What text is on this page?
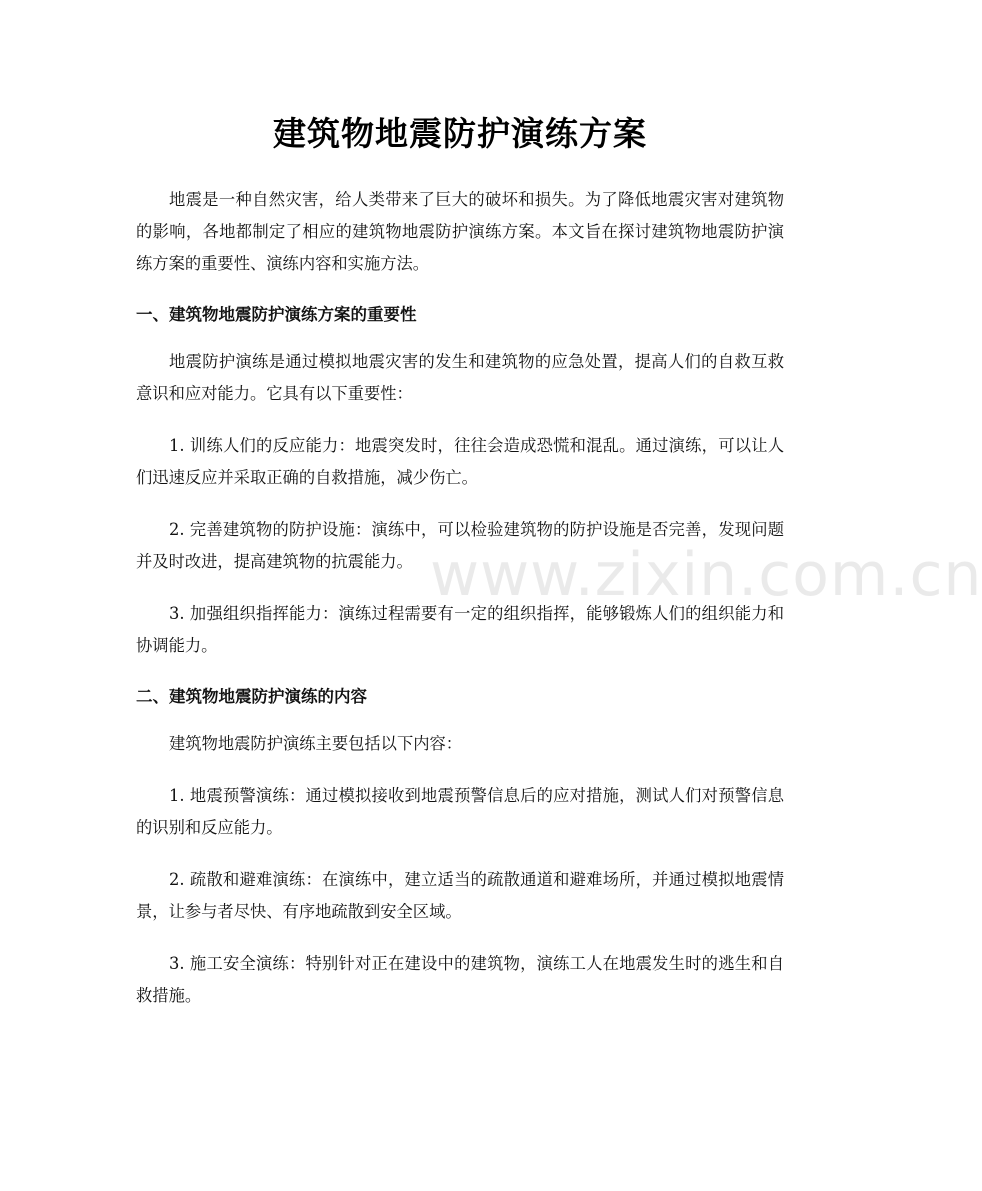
建筑物地震防护演练方案

地震是一种自然灾害，给人类带来了巨大的破坏和损失。为了降低地震灾害对建筑物的影响，各地都制定了相应的建筑物地震防护演练方案。本文旨在探讨建筑物地震防护演练方案的重要性、演练内容和实施方法。

一、建筑物地震防护演练方案的重要性

地震防护演练是通过模拟地震灾害的发生和建筑物的应急处置，提高人们的自救互救意识和应对能力。它具有以下重要性：

1. 训练人们的反应能力：地震突发时，往往会造成恐慌和混乱。通过演练，可以让人们迅速反应并采取正确的自救措施，减少伤亡。

2. 完善建筑物的防护设施：演练中，可以检验建筑物的防护设施是否完善，发现问题并及时改进，提高建筑物的抗震能力。

3. 加强组织指挥能力：演练过程需要有一定的组织指挥，能够锻炼人们的组织能力和协调能力。

二、建筑物地震防护演练的内容

建筑物地震防护演练主要包括以下内容：

1. 地震预警演练：通过模拟接收到地震预警信息后的应对措施，测试人们对预警信息的识别和反应能力。

2. 疏散和避难演练：在演练中，建立适当的疏散通道和避难场所，并通过模拟地震情景，让参与者尽快、有序地疏散到安全区域。

3. 施工安全演练：特别针对正在建设中的建筑物，演练工人在地震发生时的逃生和自救措施。

www.zixin.com.cn
